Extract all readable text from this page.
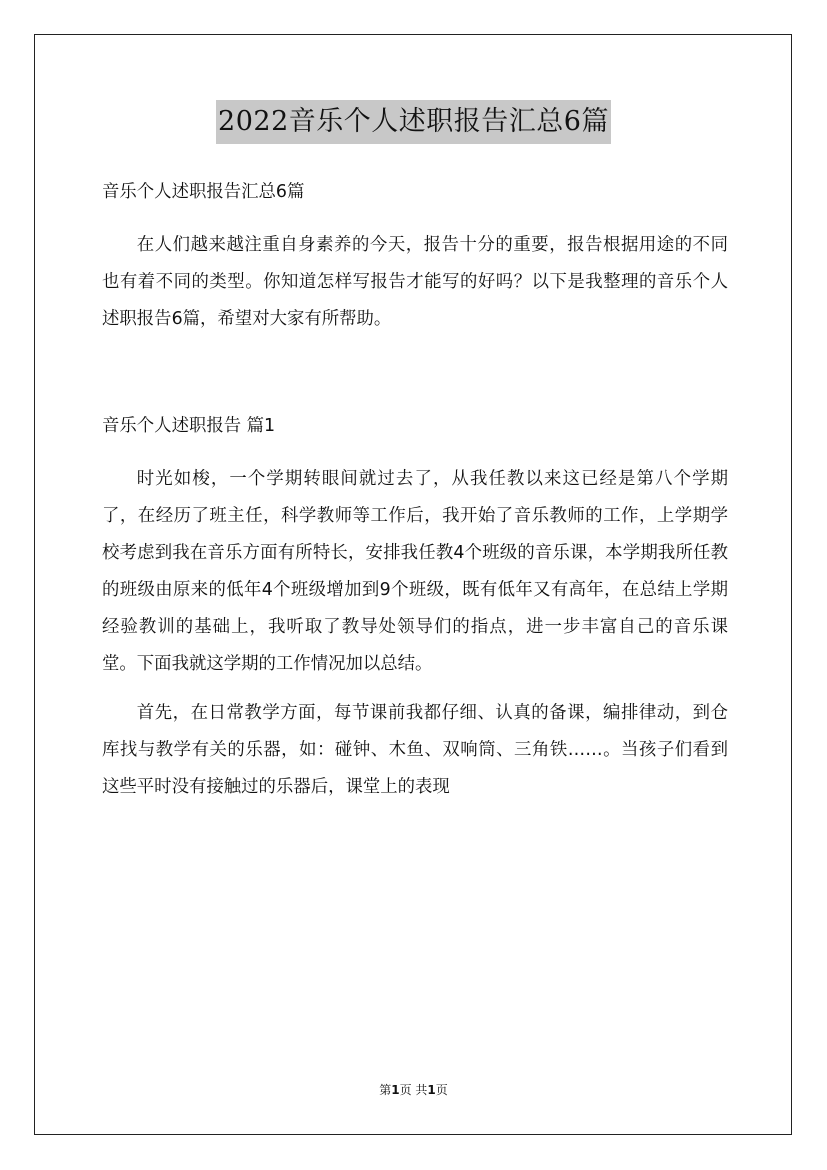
2022音乐个人述职报告汇总6篇

音乐个人述职报告汇总6篇

在人们越来越注重自身素养的今天，报告十分的重要，报告根据用途的不同也有着不同的类型。你知道怎样写报告才能写的好吗？以下是我整理的音乐个人述职报告6篇，希望对大家有所帮助。

音乐个人述职报告 篇1

时光如梭，一个学期转眼间就过去了，从我任教以来这已经是第八个学期了，在经历了班主任，科学教师等工作后，我开始了音乐教师的工作，上学期学校考虑到我在音乐方面有所特长，安排我任教4个班级的音乐课，本学期我所任教的班级由原来的低年4个班级增加到9个班级，既有低年又有高年，在总结上学期经验教训的基础上，我听取了教导处领导们的指点，进一步丰富自己的音乐课堂。下面我就这学期的工作情况加以总结。

首先，在日常教学方面，每节课前我都仔细、认真的备课，编排律动，到仓库找与教学有关的乐器，如：碰钟、木鱼、双响筒、三角铁……。当孩子们看到这些平时没有接触过的乐器后，课堂上的表现

第1页 共1页
